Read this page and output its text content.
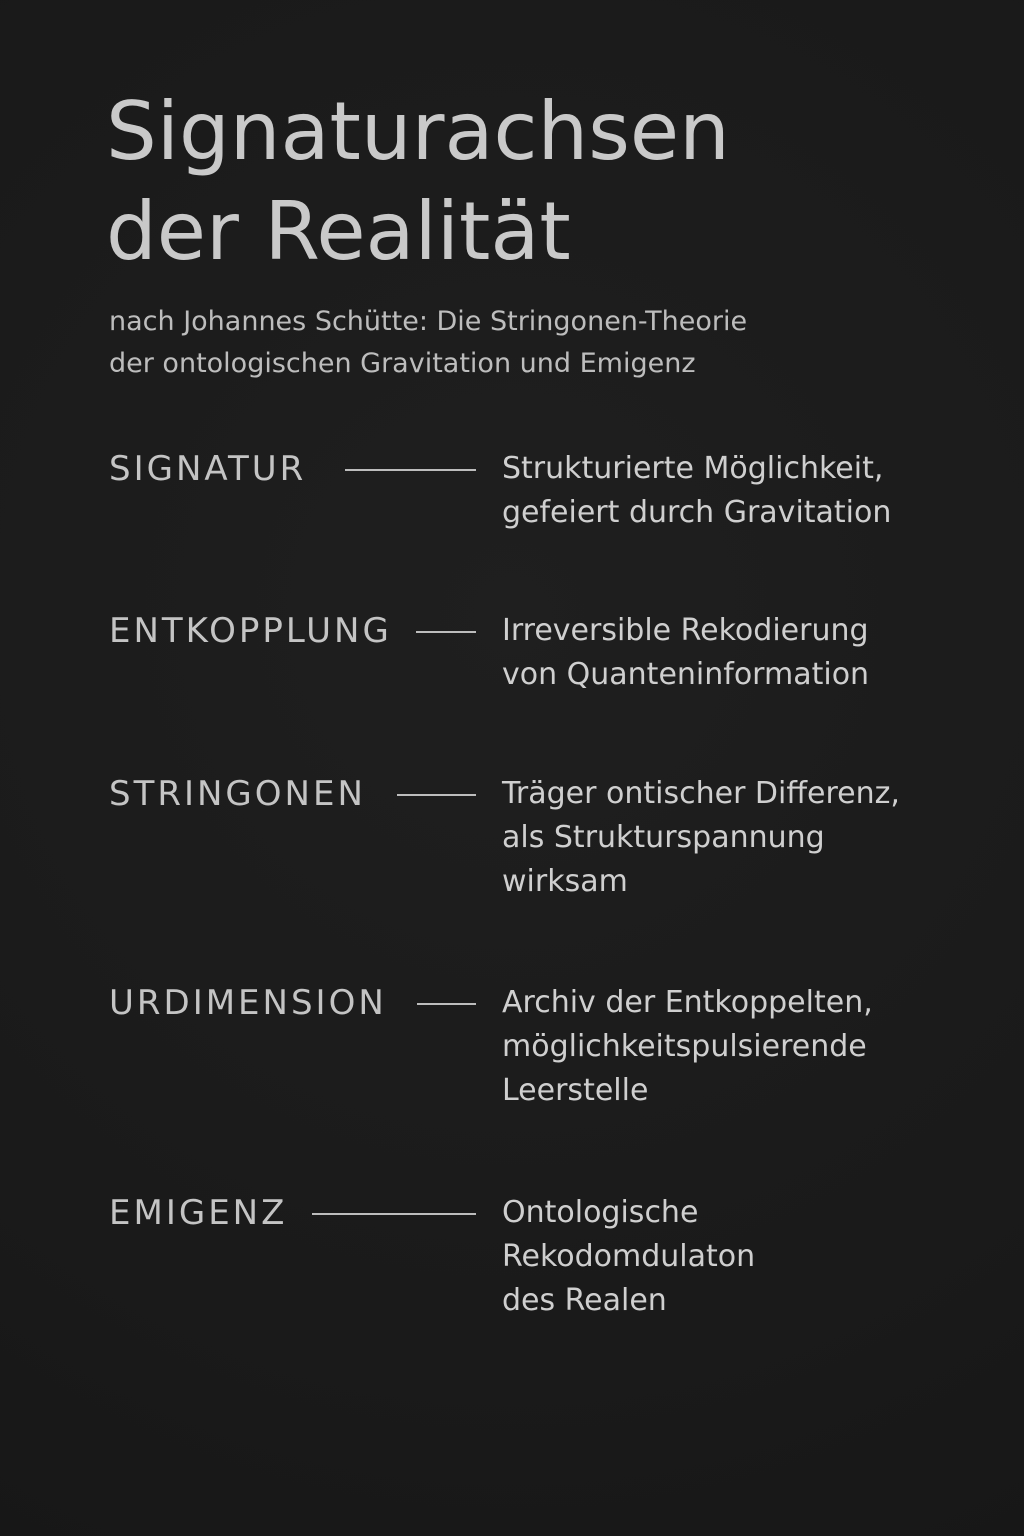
Signaturachsen
der Realität

nach Johannes Schütte: Die Stringonen-Theorie
der ontologischen Gravitation und Emigenz

SIGNATUR	Strukturierte Möglichkeit,
gefeiert durch Gravitation
ENTKOPPLUNG	Irreversible Rekodierung
von Quanteninformation
STRINGONEN	Träger ontischer Differenz,
als Strukturspannung
wirksam
URDIMENSION	Archiv der Entkoppelten,
möglichkeitspulsierende
Leerstelle
EMIGENZ	Ontologische
Rekodomdulaton
des Realen
